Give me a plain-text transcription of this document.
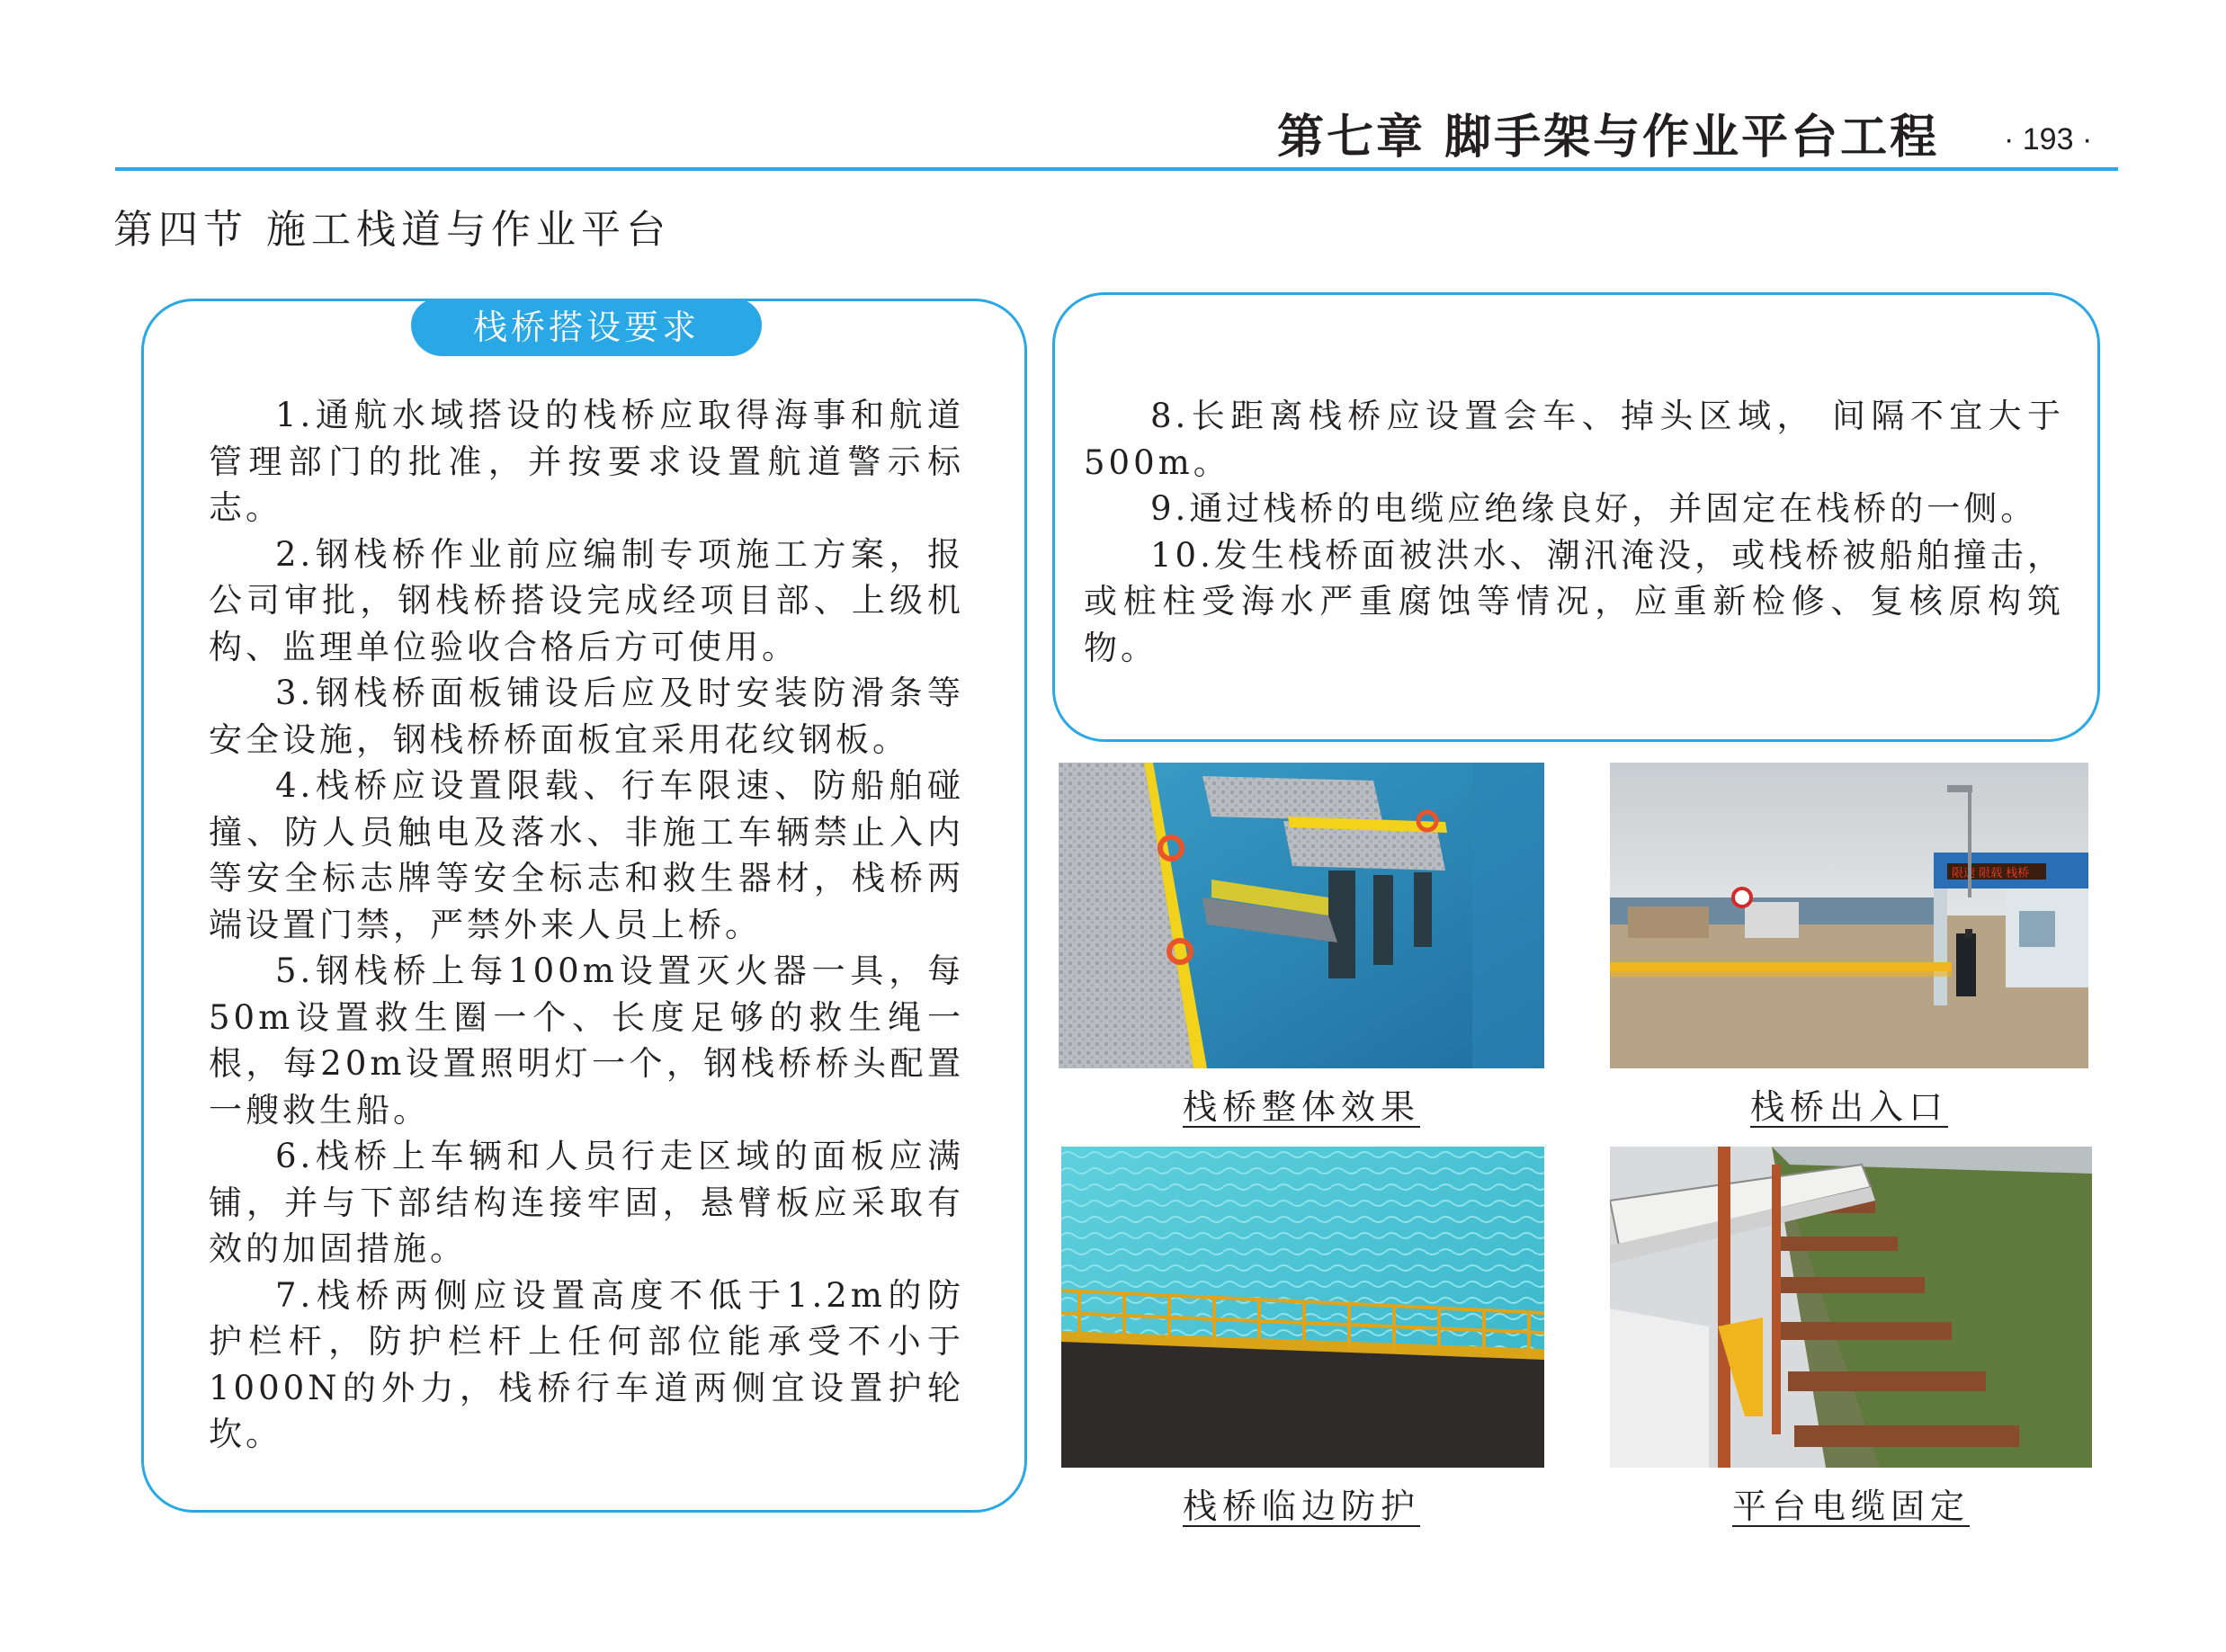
第七章 脚手架与作业平台工程 · 193 ·
第四节 施工栈道与作业平台
栈桥搭设要求

1.通航水域搭设的栈桥应取得海事和航道管理部门的批准，并按要求设置航道警示标志。

2.钢栈桥作业前应编制专项施工方案，报公司审批，钢栈桥搭设完成经项目部、上级机构、监理单位验收合格后方可使用。

3.钢栈桥面板铺设后应及时安装防滑条等安全设施，钢栈桥桥面板宜采用花纹钢板。

4.栈桥应设置限载、行车限速、防船舶碰撞、防人员触电及落水、非施工车辆禁止入内等安全标志牌等安全标志和救生器材，栈桥两端设置门禁，严禁外来人员上桥。

5.钢栈桥上每100m设置灭火器一具，每50m设置救生圈一个、长度足够的救生绳一根，每20m设置照明灯一个，钢栈桥桥头配置一艘救生船。

6.栈桥上车辆和人员行走区域的面板应满铺，并与下部结构连接牢固，悬臂板应采取有效的加固措施。

7.栈桥两侧应设置高度不低于1.2m的防护栏杆，防护栏杆上任何部位能承受不小于1000N的外力，栈桥行车道两侧宜设置护轮坎。

8.长距离栈桥应设置会车、掉头区域， 间隔不宜大于500m。

9.通过栈桥的电缆应绝缘良好，并固定在栈桥的一侧。

10.发生栈桥面被洪水、潮汛淹没，或栈桥被船舶撞击，或桩柱受海水严重腐蚀等情况，应重新检修、复核原构筑物。

栈桥整体效果
限速 限载 栈桥
栈桥出入口
栈桥临边防护	平台电缆固定
